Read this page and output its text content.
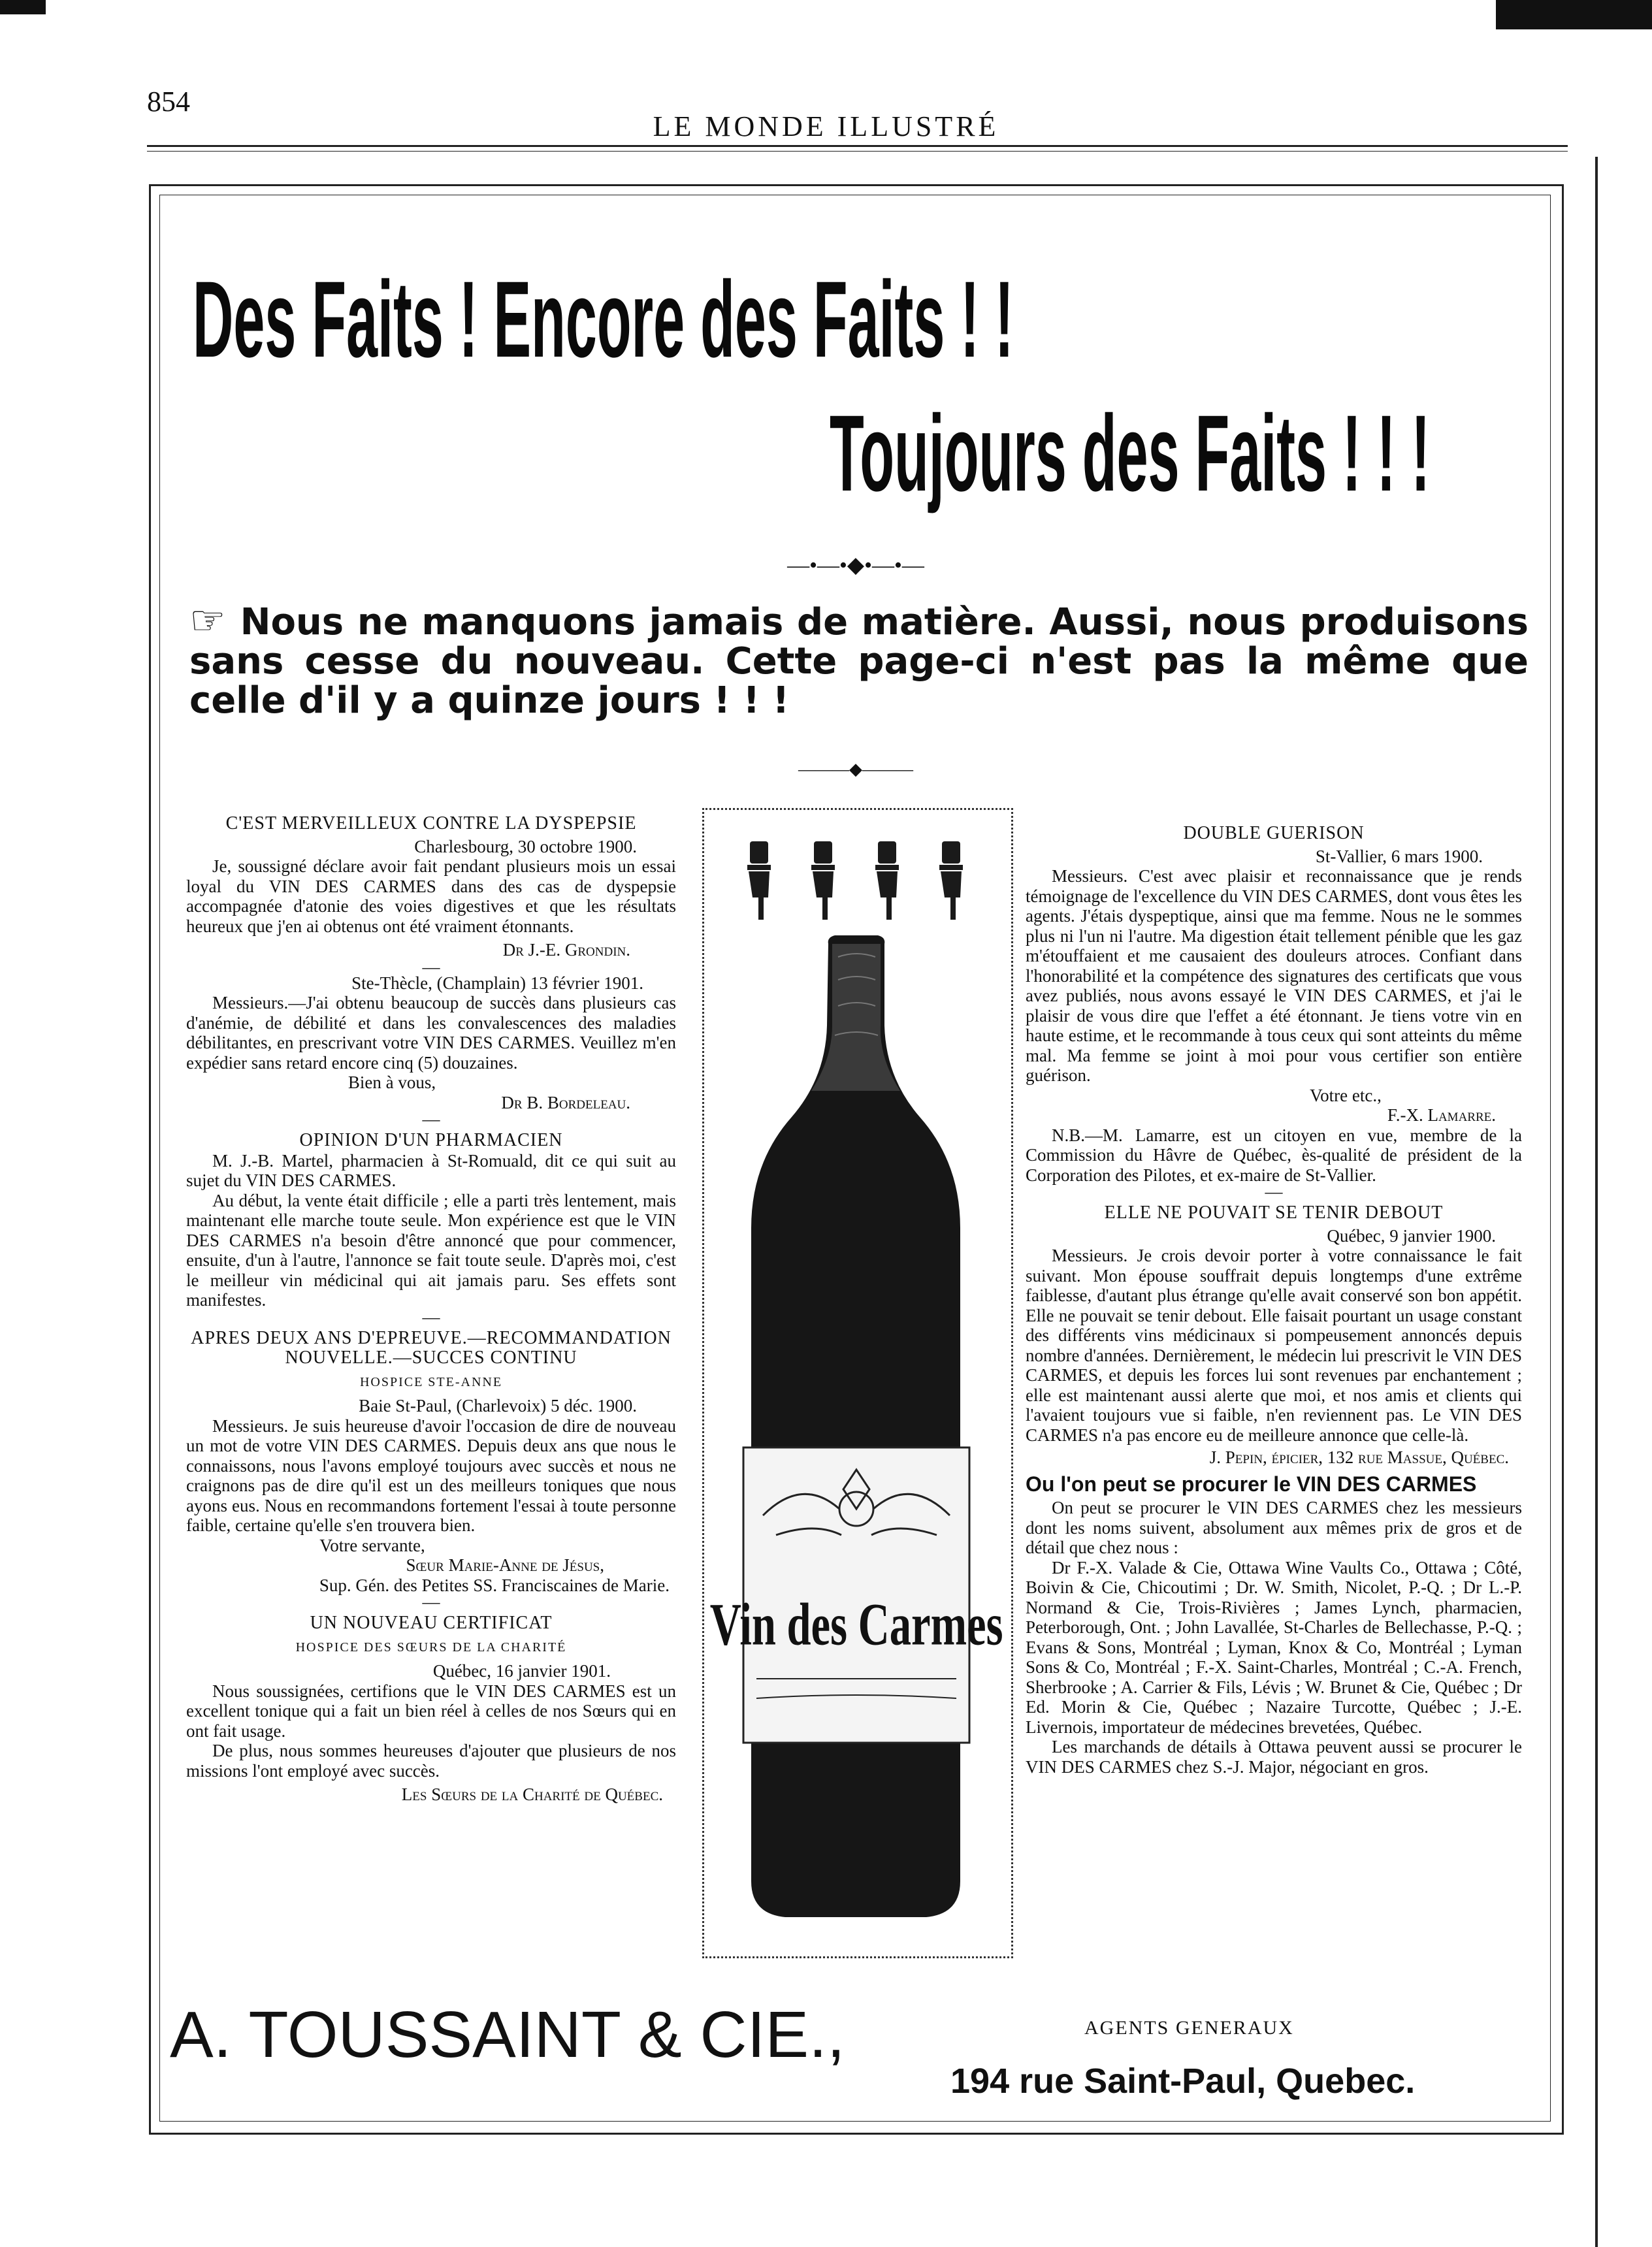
854
LE MONDE ILLUSTRÉ
Des Faits ! Encore des Faits ! !
Toujours des Faits ! ! !
—•—•◆•—•—
☞ Nous ne manquons jamais de matière. Aussi, nous produisons sans cesse du nouveau. Cette page-ci n'est pas la même que celle d'il y a quinze jours ! ! !
———◆———

C'EST MERVEILLEUX CONTRE LA DYSPEPSIE

Charlesbourg, 30 octobre 1900.

Je, soussigné déclare avoir fait pendant plusieurs mois un essai loyal du VIN DES CARMES dans des cas de dyspepsie accompagnée d'atonie des voies digestives et que les résultats heureux que j'en ai obtenus ont été vraiment étonnants.

Dr J.-E. Grondin.

—

Ste-Thècle, (Champlain) 13 février 1901.

Messieurs.—J'ai obtenu beaucoup de succès dans plusieurs cas d'anémie, de débilité et dans les convalescences des maladies débilitantes, en prescrivant votre VIN DES CARMES. Veuillez m'en expédier sans retard encore cinq (5) douzaines.

Bien à vous,

Dr B. Bordeleau.

—

OPINION D'UN PHARMACIEN

M. J.-B. Martel, pharmacien à St-Romuald, dit ce qui suit au sujet du VIN DES CARMES.

Au début, la vente était difficile ; elle a parti très lentement, mais maintenant elle marche toute seule. Mon expérience est que le VIN DES CARMES n'a besoin d'être annoncé que pour commencer, ensuite, d'un à l'autre, l'annonce se fait toute seule. D'après moi, c'est le meilleur vin médicinal qui ait jamais paru. Ses effets sont manifestes.

—

APRES DEUX ANS D'EPREUVE.—RECOMMANDATION NOUVELLE.—SUCCES CONTINU

HOSPICE STE-ANNE

Baie St-Paul, (Charlevoix) 5 déc. 1900.

Messieurs. Je suis heureuse d'avoir l'occasion de dire de nouveau un mot de votre VIN DES CARMES. Depuis deux ans que nous le connaissons, nous l'avons employé toujours avec succès et nous ne craignons pas de dire qu'il est un des meilleurs toniques que nous ayons eus. Nous en recommandons fortement l'essai à toute personne faible, certaine qu'elle s'en trouvera bien.

Votre servante,

Sœur Marie-Anne de Jésus,

Sup. Gén. des Petites SS. Franciscaines de Marie.

—

UN NOUVEAU CERTIFICAT

HOSPICE DES SŒURS DE LA CHARITÉ

Québec, 16 janvier 1901.

Nous soussignées, certifions que le VIN DES CARMES est un excellent tonique qui a fait un bien réel à celles de nos Sœurs qui en ont fait usage.

De plus, nous sommes heureuses d'ajouter que plusieurs de nos missions l'ont employé avec succès.

Les Sœurs de la Charité de Québec.

Vin des Carmes

DOUBLE GUERISON

St-Vallier, 6 mars 1900.

Messieurs. C'est avec plaisir et reconnaissance que je rends témoignage de l'excellence du VIN DES CARMES, dont vous êtes les agents. J'étais dyspeptique, ainsi que ma femme. Nous ne le sommes plus ni l'un ni l'autre. Ma digestion était tellement pénible que les gaz m'étouffaient et me causaient des douleurs atroces. Confiant dans l'honorabilité et la compétence des signatures des certificats que vous avez publiés, nous avons essayé le VIN DES CARMES, et j'ai le plaisir de vous dire que l'effet a été étonnant. Je tiens votre vin en haute estime, et le recommande à tous ceux qui sont atteints du même mal. Ma femme se joint à moi pour vous certifier son entière guérison.

Votre etc.,

F.-X. Lamarre.

N.B.—M. Lamarre, est un citoyen en vue, membre de la Commission du Hâvre de Québec, ès-qualité de président de la Corporation des Pilotes, et ex-maire de St-Vallier.

—

ELLE NE POUVAIT SE TENIR DEBOUT

Québec, 9 janvier 1900.

Messieurs. Je crois devoir porter à votre connaissance le fait suivant. Mon épouse souffrait depuis longtemps d'une extrême faiblesse, d'autant plus étrange qu'elle avait conservé son bon appétit. Elle ne pouvait se tenir debout. Elle faisait pourtant un usage constant des différents vins médicinaux si pompeusement annoncés depuis nombre d'années. Dernièrement, le médecin lui prescrivit le VIN DES CARMES, et depuis les forces lui sont revenues par enchantement ; elle est maintenant aussi alerte que moi, et nos amis et clients qui l'avaient toujours vue si faible, n'en reviennent pas. Le VIN DES CARMES n'a pas encore eu de meilleure annonce que celle-là.

J. Pepin, épicier, 132 rue Massue, Québec.

Ou l'on peut se procurer le VIN DES CARMES

On peut se procurer le VIN DES CARMES chez les messieurs dont les noms suivent, absolument aux mêmes prix de gros et de détail que chez nous :

Dr F.-X. Valade & Cie, Ottawa Wine Vaults Co., Ottawa ; Côté, Boivin & Cie, Chicoutimi ; Dr. W. Smith, Nicolet, P.-Q. ; Dr L.-P. Normand & Cie, Trois-Rivières ; James Lynch, pharmacien, Peterborough, Ont. ; John Lavallée, St-Charles de Bellechasse, P.-Q. ; Evans & Sons, Montréal ; Lyman, Knox & Co, Montréal ; Lyman Sons & Co, Montréal ; F.-X. Saint-Charles, Montréal ; C.-A. French, Sherbrooke ; A. Carrier & Fils, Lévis ; W. Brunet & Cie, Québec ; Dr Ed. Morin & Cie, Québec ; Nazaire Turcotte, Québec ; J.-E. Livernois, importateur de médecines brevetées, Québec.

Les marchands de détails à Ottawa peuvent aussi se procurer le VIN DES CARMES chez S.-J. Major, négociant en gros.

A. TOUSSAINT & CIE.,	AGENTS GENERAUX
194 rue Saint-Paul, Quebec.
